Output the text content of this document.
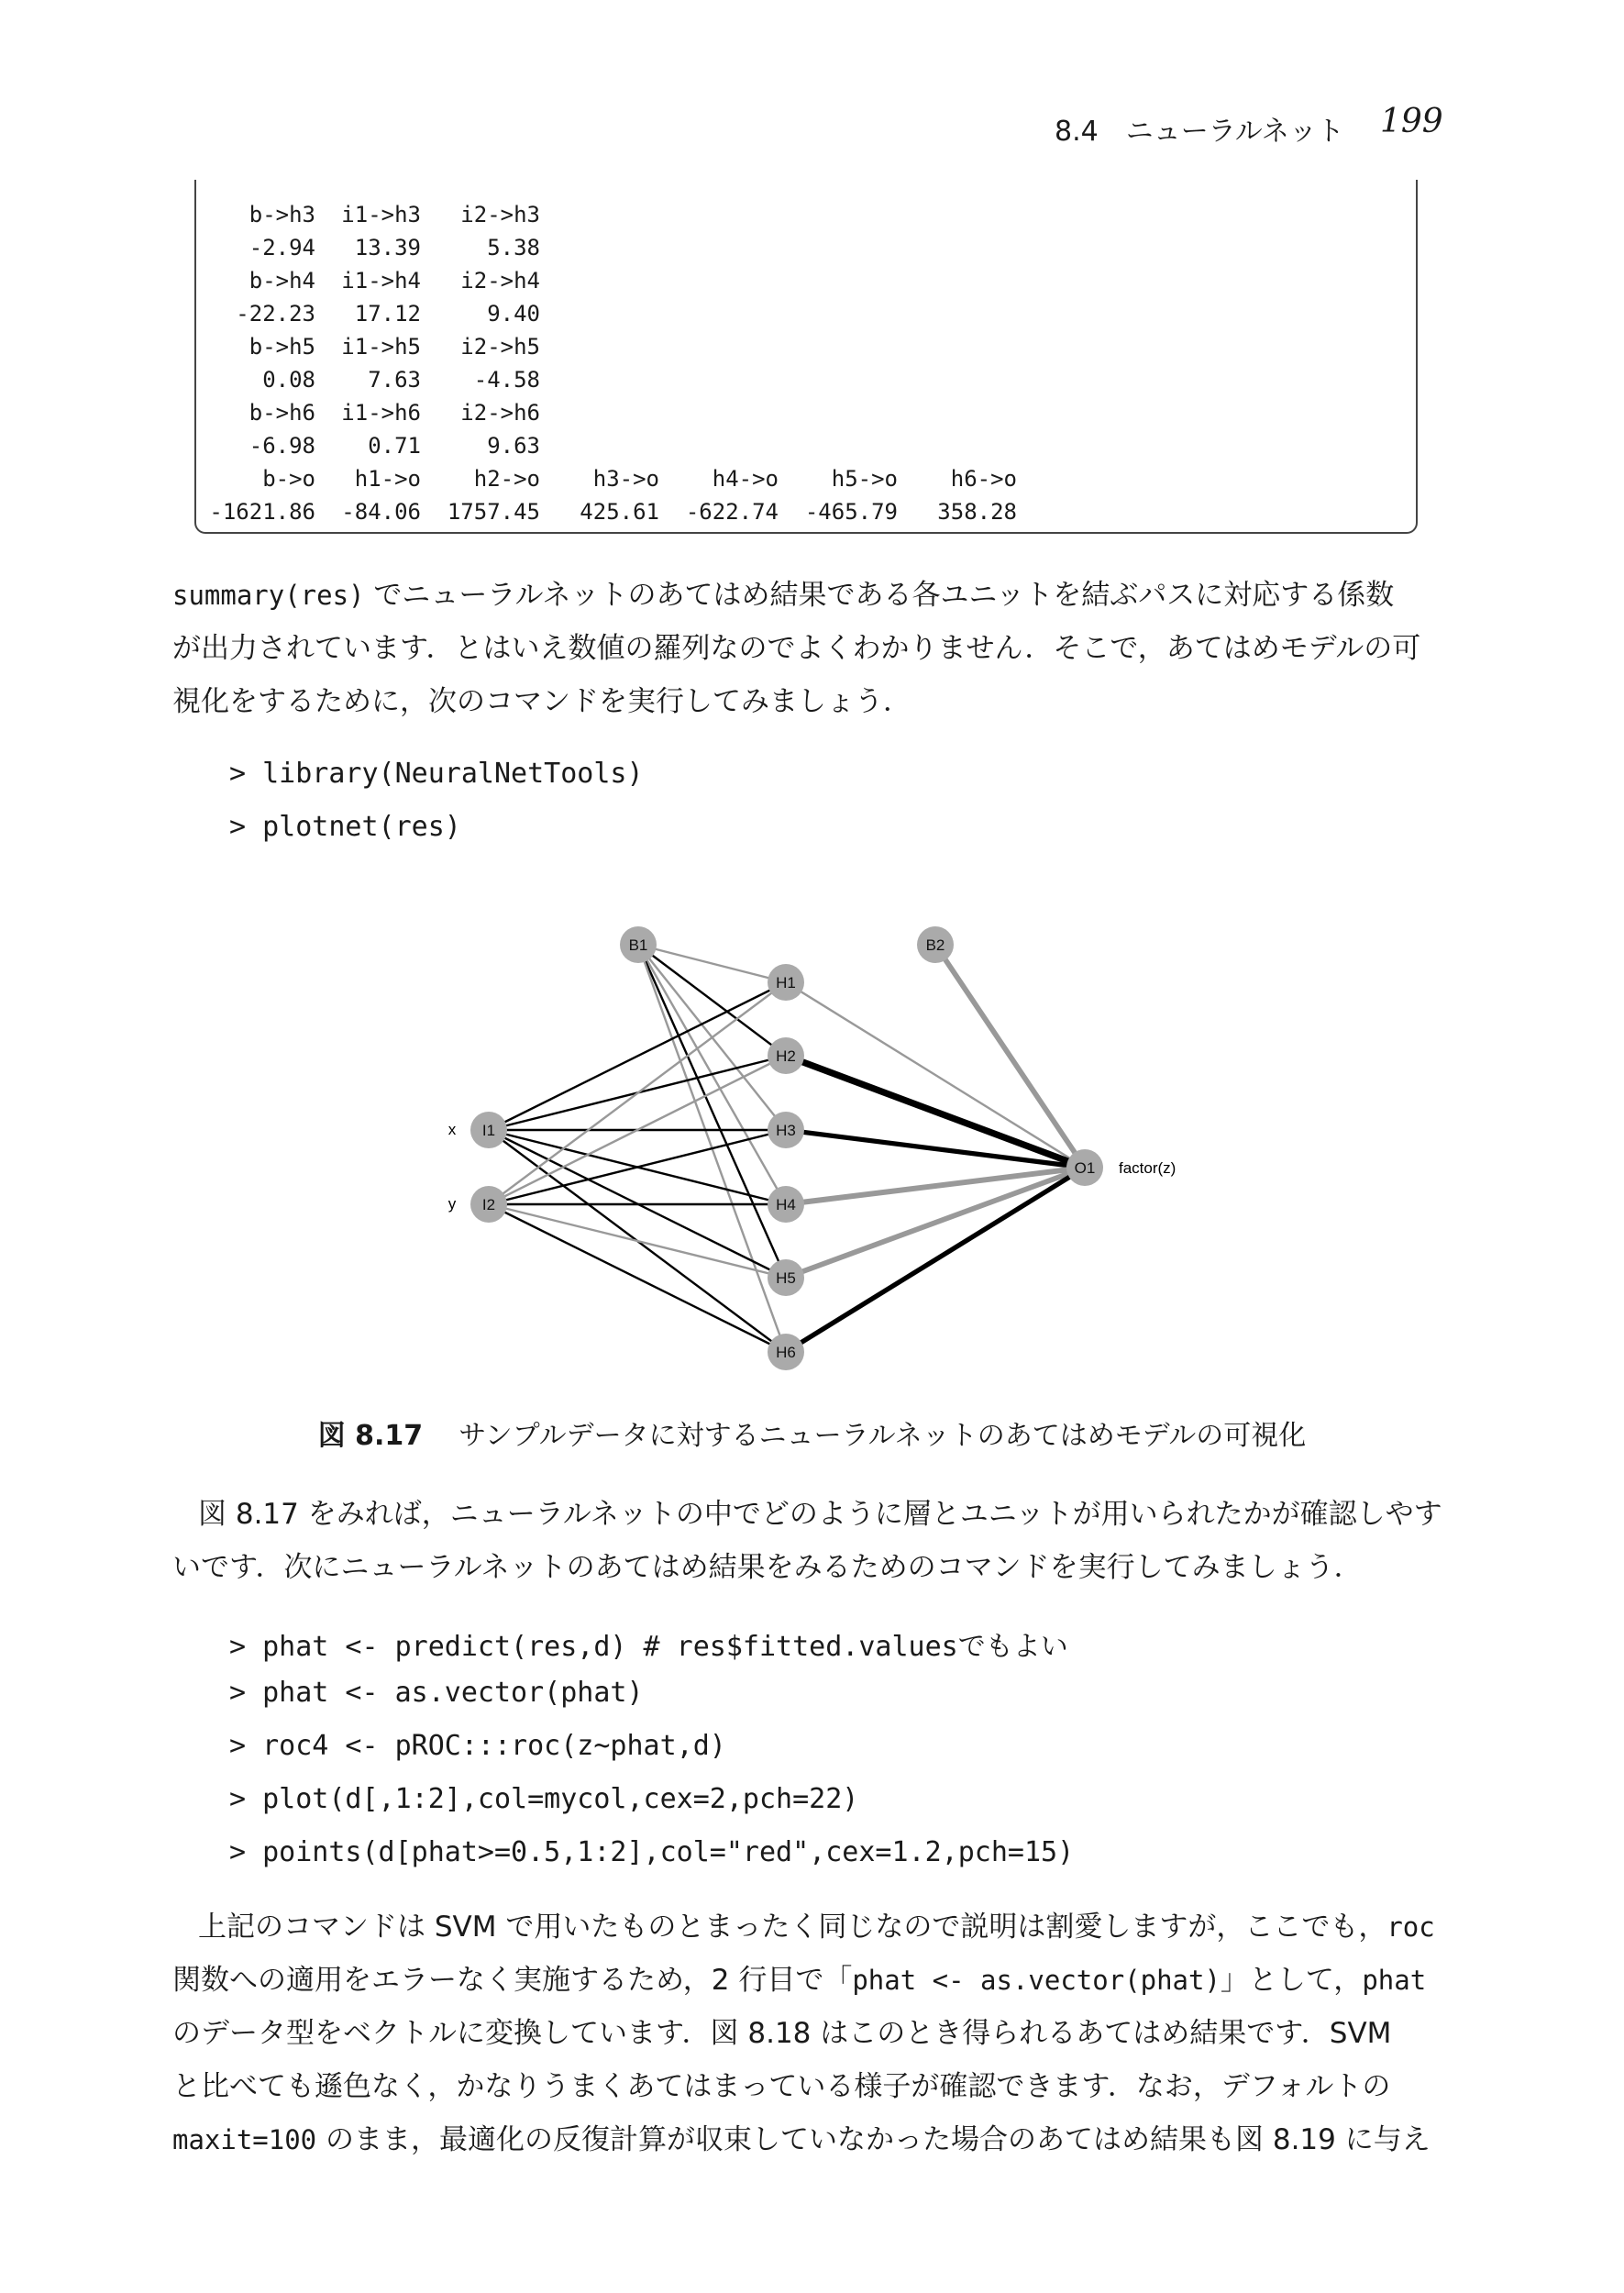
8.4　ニューラルネット 199
b->h3	i1->h3	i2->h3
-2.94	13.39	5.38
b->h4	i1->h4	i2->h4
-22.23	17.12	9.40
b->h5	i1->h5	i2->h5
0.08	7.63	-4.58
b->h6	i1->h6	i2->h6
-6.98	0.71	9.63
b->o	h1->o	h2->o	h3->o	h4->o	h5->o	h6->o
-1621.86	-84.06	1757.45	425.61	-622.74	-465.79	358.28
summary(res) でニューラルネットのあてはめ結果である各ユニットを結ぶパスに対応する係数
が出力されています．とはいえ数値の羅列なのでよくわかりません．そこで，あてはめモデルの可
視化をするために，次のコマンドを実行してみましょう．
> library(NeuralNetTools)
> plotnet(res)
I1
I2
B1	B2
H1
H2
H3
H4
H5
H6
O1
x
y
factor(z)
図 8.17 サンプルデータに対するニューラルネットのあてはめモデルの可視化
図 8.17 をみれば，ニューラルネットの中でどのように層とユニットが用いられたかが確認しやす
いです．次にニューラルネットのあてはめ結果をみるためのコマンドを実行してみましょう．
> phat <- predict(res,d) # res$fitted.valuesでもよい
> phat <- as.vector(phat)
> roc4 <- pROC:::roc(z~phat,d)
> plot(d[,1:2],col=mycol,cex=2,pch=22)
> points(d[phat>=0.5,1:2],col="red",cex=1.2,pch=15)
上記のコマンドは SVM で用いたものとまったく同じなので説明は割愛しますが，ここでも，roc
関数への適用をエラーなく実施するため，2 行目で「phat <- as.vector(phat)」として，phat
のデータ型をベクトルに変換しています．図 8.18 はこのとき得られるあてはめ結果です．SVM
と比べても遜色なく，かなりうまくあてはまっている様子が確認できます．なお，デフォルトの
maxit=100 のまま，最適化の反復計算が収束していなかった場合のあてはめ結果も図 8.19 に与え
